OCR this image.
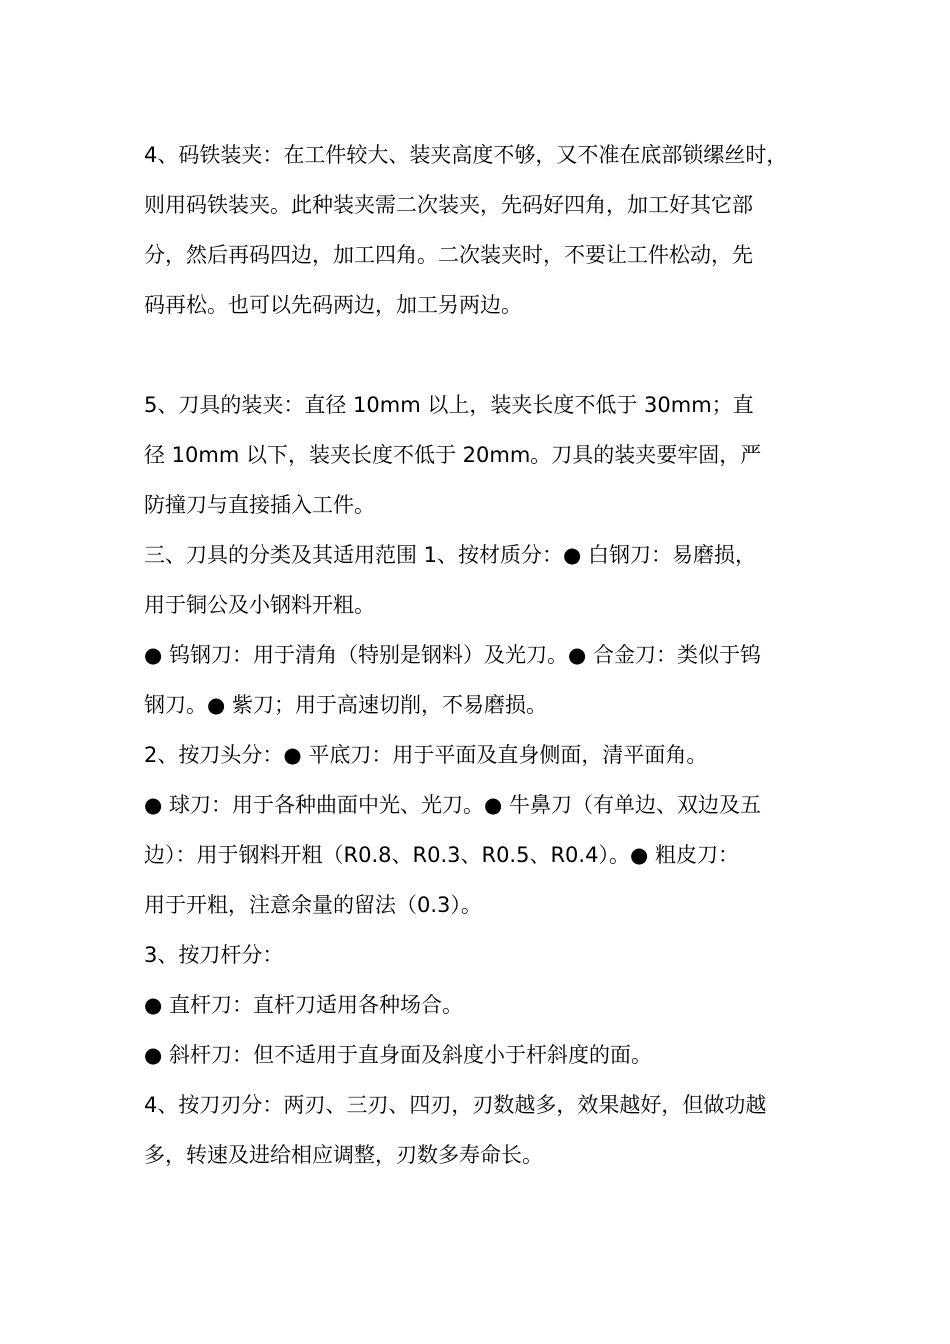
4、码铁装夹：在工件较大、装夹高度不够，又不准在底部锁缧丝时，
则用码铁装夹。此种装夹需二次装夹，先码好四角，加工好其它部
分，然后再码四边，加工四角。二次装夹时，不要让工件松动，先
码再松。也可以先码两边，加工另两边。
5、刀具的装夹：直径 10mm 以上，装夹长度不低于 30mm；直
径 10mm 以下，装夹长度不低于 20mm。刀具的装夹要牢固，严
防撞刀与直接插入工件。
三、刀具的分类及其适用范围 1、按材质分：● 白钢刀：易磨损，
用于铜公及小钢料开粗。
● 钨钢刀：用于清角（特别是钢料）及光刀。● 合金刀：类似于钨
钢刀。● 紫刀；用于高速切削，不易磨损。
2、按刀头分：● 平底刀：用于平面及直身侧面，清平面角。
● 球刀：用于各种曲面中光、光刀。● 牛鼻刀（有单边、双边及五
边）：用于钢料开粗（R0.8、R0.3、R0.5、R0.4）。● 粗皮刀：
用于开粗，注意余量的留法（0.3）。
3、按刀杆分：
● 直杆刀：直杆刀适用各种场合。
● 斜杆刀：但不适用于直身面及斜度小于杆斜度的面。
4、按刀刃分：两刃、三刃、四刃，刃数越多，效果越好，但做功越
多，转速及进给相应调整，刃数多寿命长。
